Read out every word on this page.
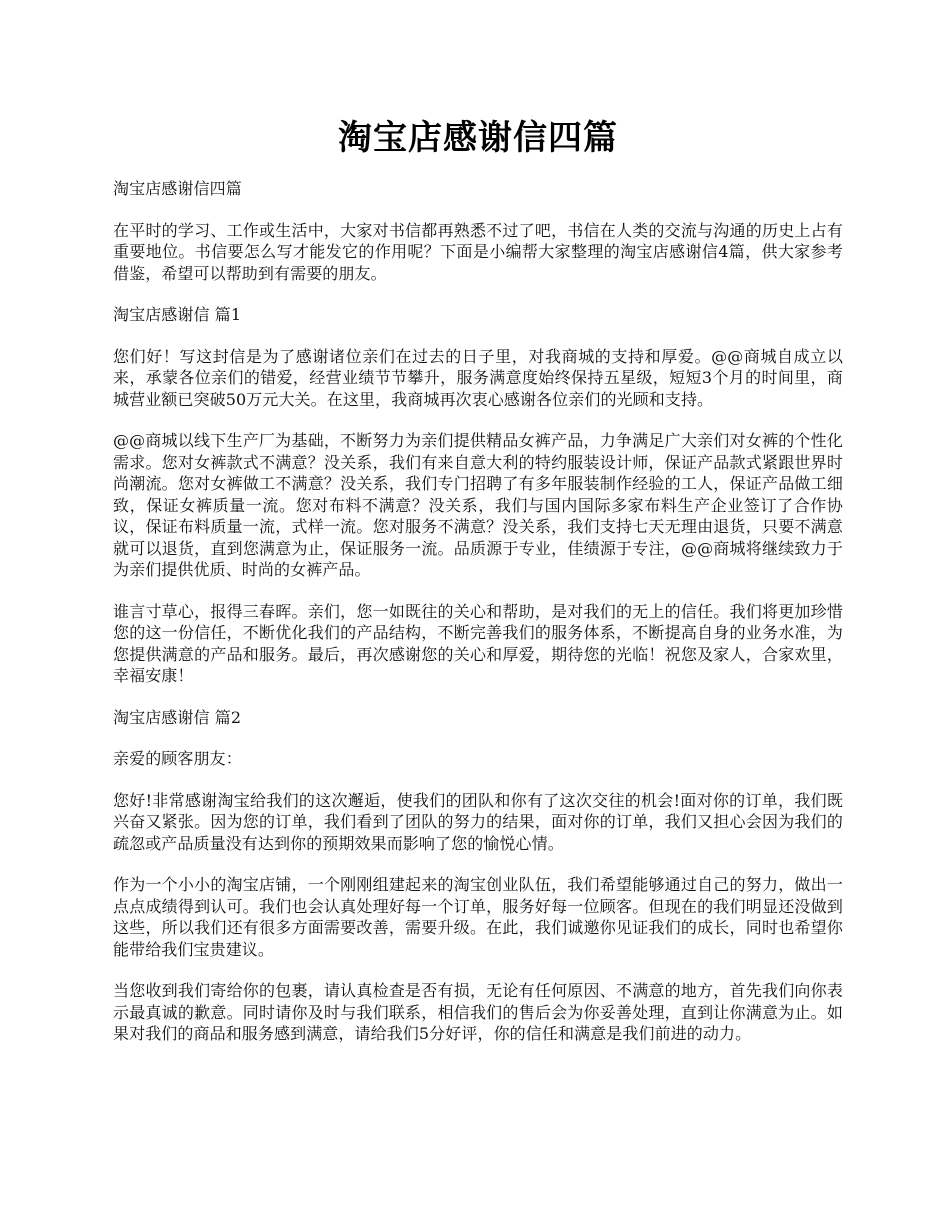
淘宝店感谢信四篇

淘宝店感谢信四篇

在平时的学习、工作或生活中，大家对书信都再熟悉不过了吧，书信在人类的交流与沟通的历史上占有重要地位。书信要怎么写才能发它的作用呢？下面是小编帮大家整理的淘宝店感谢信4篇，供大家参考借鉴，希望可以帮助到有需要的朋友。

淘宝店感谢信 篇1

您们好！写这封信是为了感谢诸位亲们在过去的日子里，对我商城的支持和厚爱。@@商城自成立以来，承蒙各位亲们的错爱，经营业绩节节攀升，服务满意度始终保持五星级，短短3个月的时间里，商城营业额已突破50万元大关。在这里，我商城再次衷心感谢各位亲们的光顾和支持。

@@商城以线下生产厂为基础，不断努力为亲们提供精品女裤产品，力争满足广大亲们对女裤的个性化需求。您对女裤款式不满意？没关系，我们有来自意大利的特约服装设计师，保证产品款式紧跟世界时尚潮流。您对女裤做工不满意？没关系，我们专门招聘了有多年服装制作经验的工人，保证产品做工细致，保证女裤质量一流。您对布料不满意？没关系，我们与国内国际多家布料生产企业签订了合作协议，保证布料质量一流，式样一流。您对服务不满意？没关系，我们支持七天无理由退货，只要不满意就可以退货，直到您满意为止，保证服务一流。品质源于专业，佳绩源于专注，@@商城将继续致力于为亲们提供优质、时尚的女裤产品。

谁言寸草心，报得三春晖。亲们，您一如既往的关心和帮助，是对我们的无上的信任。我们将更加珍惜您的这一份信任，不断优化我们的产品结构，不断完善我们的服务体系，不断提高自身的业务水准，为您提供满意的产品和服务。最后，再次感谢您的关心和厚爱，期待您的光临！祝您及家人，合家欢里，幸福安康！

淘宝店感谢信 篇2

亲爱的顾客朋友：

您好!非常感谢淘宝给我们的这次邂逅，使我们的团队和你有了这次交往的机会!面对你的订单，我们既兴奋又紧张。因为您的订单，我们看到了团队的努力的结果，面对你的订单，我们又担心会因为我们的疏忽或产品质量没有达到你的预期效果而影响了您的愉悦心情。

作为一个小小的淘宝店铺，一个刚刚组建起来的淘宝创业队伍，我们希望能够通过自己的努力，做出一点点成绩得到认可。我们也会认真处理好每一个订单，服务好每一位顾客。但现在的我们明显还没做到这些，所以我们还有很多方面需要改善，需要升级。在此，我们诚邀你见证我们的成长，同时也希望你能带给我们宝贵建议。

当您收到我们寄给你的包裹，请认真检查是否有损，无论有任何原因、不满意的地方，首先我们向你表示最真诚的歉意。同时请你及时与我们联系，相信我们的售后会为你妥善处理，直到让你满意为止。如果对我们的商品和服务感到满意，请给我们5分好评，你的信任和满意是我们前进的动力。
